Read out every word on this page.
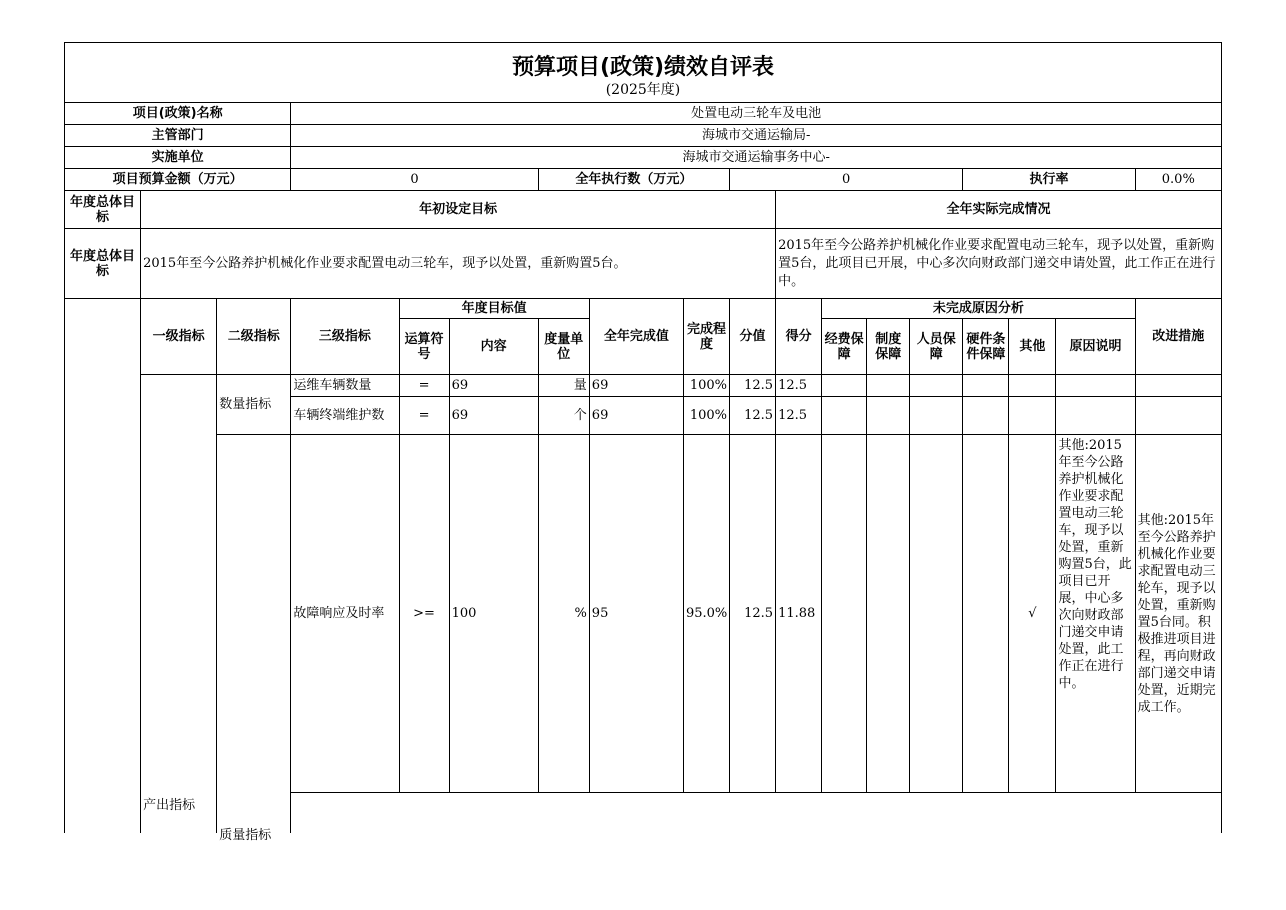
预算项目(政策)绩效自评表
(2025年度)																	

项目(政策)名称			处置电动三轮车及电池														
主管部门			海城市交通运输局-														
实施单位			海城市交通运输事务中心-														
项目预算金额（万元）			0			全年执行数（万元）			0					执行率			0.0%
年度总体目标	年初设定目标									全年实际完成情况							
年度总体目标	2015年至今公路养护机械化作业要求配置电动三轮车，现予以处置，重新购置5台。									2015年至今公路养护机械化作业要求配置电动三轮车，现予以处置，重新购置5台，此项目已开展，中心多次向财政部门递交申请处置，此工作正在进行中。							
	一级指标	二级指标	三级指标	年度目标值			全年完成值	完成程度	分值	得分	未完成原因分析						改进措施
				运算符号	内容	度量单位					经费保障	制度保障	人员保障	硬件条件保障	其他	原因说明	
	产出指标	数量指标	运维车辆数量	=	69	量	69	100%	12.5	12.5							
			车辆终端维护数	=	69	个	69	100%	12.5	12.5							
		质量指标	故障响应及时率	>=	100	%	95	95.0%	12.5	11.88					√	其他:2015年至今公路养护机械化作业要求配置电动三轮车，现予以处置，重新购置5台，此项目已开展，中心多次向财政部门递交申请处置，此工作正在进行中。	其他:2015年至今公路养护机械化作业要求配置电动三轮车，现予以处置，重新购置5台同。积极推进项目进程，再向财政部门递交申请处置，近期完成工作。
